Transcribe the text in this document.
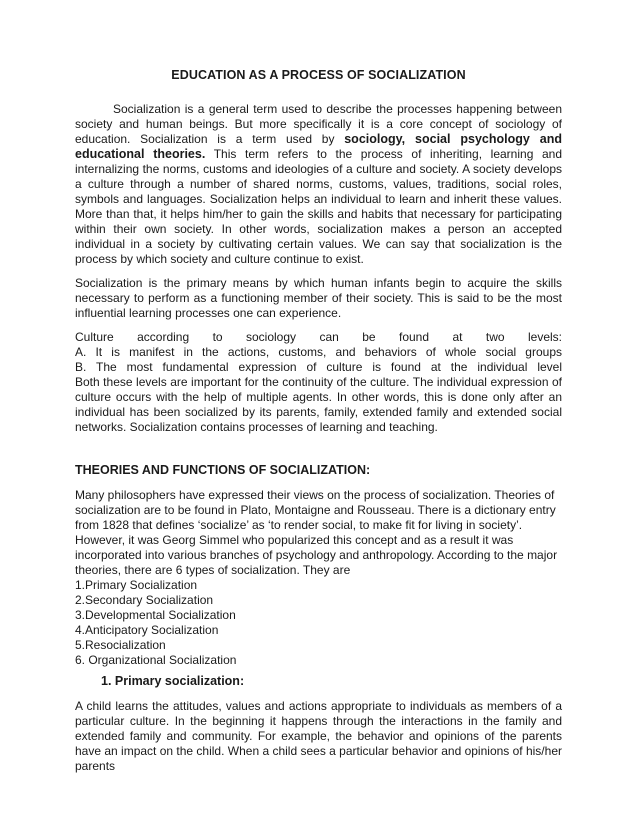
EDUCATION AS A PROCESS OF SOCIALIZATION

Socialization is a general term used to describe the processes happening between society and human beings. But more specifically it is a core concept of sociology of education. Socialization is a term used by sociology, social psychology and educational theories. This term refers to the process of inheriting, learning and internalizing the norms, customs and ideologies of a culture and society. A society develops a culture through a number of shared norms, customs, values, traditions, social roles, symbols and languages. Socialization helps an individual to learn and inherit these values. More than that, it helps him/her to gain the skills and habits that necessary for participating within their own society. In other words, socialization makes a person an accepted individual in a society by cultivating certain values. We can say that socialization is the process by which society and culture continue to exist.

Socialization is the primary means by which human infants begin to acquire the skills necessary to perform as a functioning member of their society. This is said to be the most influential learning processes one can experience.

Culture according to sociology can be found at two levels:
A. It is manifest in the actions, customs, and behaviors of whole social groups
B. The most fundamental expression of culture is found at the individual level

Both these levels are important for the continuity of the culture. The individual expression of culture occurs with the help of multiple agents. In other words, this is done only after an individual has been socialized by its parents, family, extended family and extended social networks. Socialization contains processes of learning and teaching.

THEORIES AND FUNCTIONS OF SOCIALIZATION:

Many philosophers have expressed their views on the process of socialization. Theories of socialization are to be found in Plato, Montaigne and Rousseau. There is a dictionary entry from 1828 that defines ‘socialize’ as ‘to render social, to make fit for living in society’. However, it was Georg Simmel who popularized this concept and as a result it was incorporated into various branches of psychology and anthropology. According to the major theories, there are 6 types of socialization. They are

1.Primary Socialization
2.Secondary Socialization
3.Developmental Socialization
4.Anticipatory Socialization
5.Resocialization
6. Organizational Socialization
1. Primary socialization:

A child learns the attitudes, values and actions appropriate to individuals as members of a particular culture. In the beginning it happens through the interactions in the family and extended family and community. For example, the behavior and opinions of the parents have an impact on the child. When a child sees a particular behavior and opinions of his/her parents
